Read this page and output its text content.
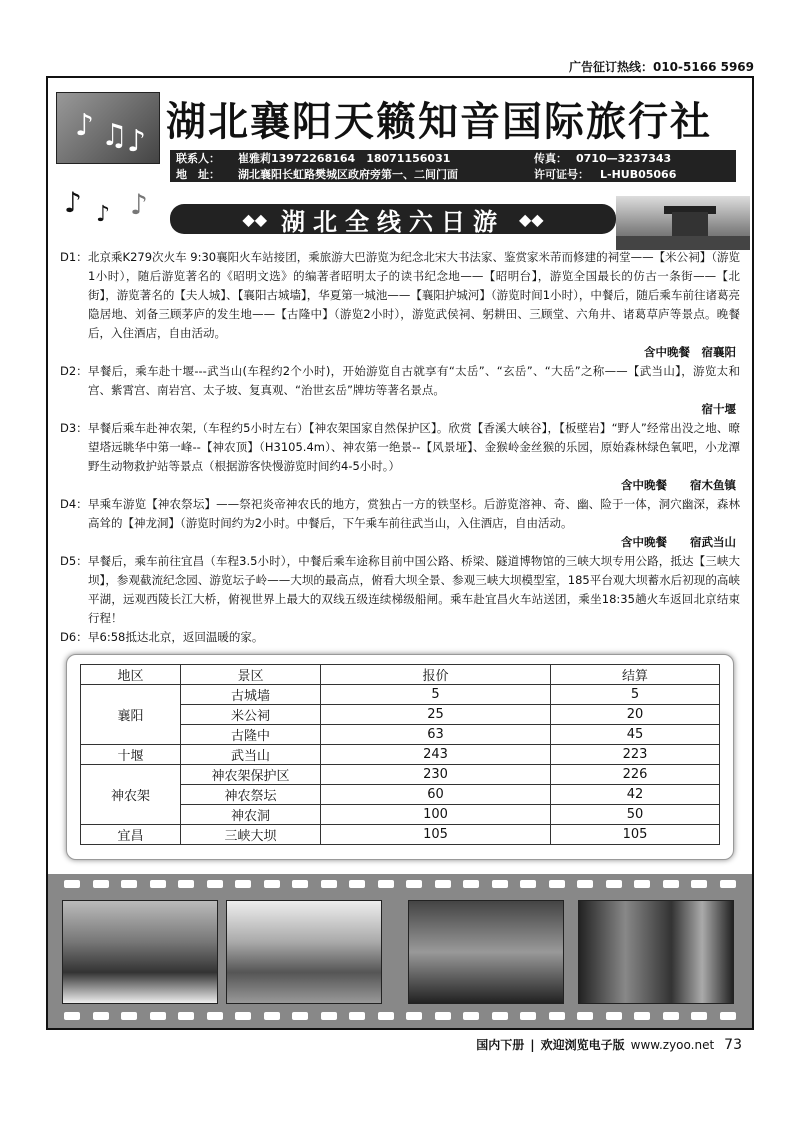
广告征订热线：010-5166 5969
♪ ♫ ♪ 湖北襄阳天籁知音国际旅行社
联系人：	崔雅莉13972268164　18071156031	传真： 0710—3237343
地　址：	湖北襄阳长虹路樊城区政府旁第一、二间门面	许可证号：	L-HUB05066
♪ ♪ ♪	◆◆ 湖北全线六日游 ◆◆
D1： 北京乘K279次火车 9:30襄阳火车站接团，乘旅游大巴游览为纪念北宋大书法家、鉴赏家米芾而修建的祠堂——【米公祠】（游览1小时），随后游览著名的《昭明文选》的编著者昭明太子的读书纪念地——【昭明台】，游览全国最长的仿古一条街——【北街】，游览著名的【夫人城】、【襄阳古城墙】，华夏第一城池——【襄阳护城河】（游览时间1小时），中餐后，随后乘车前往诸葛亮隐居地、刘备三顾茅庐的发生地——【古隆中】（游览2小时），游览武侯祠、躬耕田、三顾堂、六角井、诸葛草庐等景点。晚餐后，入住酒店，自由活动。
含中晚餐　宿襄阳
D2： 早餐后，乘车赴十堰---武当山(车程约2个小时)，开始游览自古就享有“太岳”、“玄岳”、“大岳”之称——【武当山】，游览太和宫、紫霄宫、南岩宫、太子坡、复真观、“治世玄岳”牌坊等著名景点。
宿十堰
D3： 早餐后乘车赴神农架,（车程约5小时左右）【神农架国家自然保护区】。欣赏【香溪大峡谷】，【板壁岩】“野人”经常出没之地、暸望塔远眺华中第一峰--【神农顶】（H3105.4m）、神农第一绝景--【风景垭】、金猴岭金丝猴的乐园，原始森林绿色氧吧，小龙潭野生动物救护站等景点（根据游客快慢游览时间约4-5小时。）
含中晚餐　　宿木鱼镇
D4： 早乘车游览【神农祭坛】——祭祀炎帝神农氏的地方，赏独占一方的铁坚杉。后游览溶神、奇、幽、险于一体，洞穴幽深，森林高耸的【神龙洞】（游览时间约为2小时。中餐后，下午乘车前往武当山，入住酒店，自由活动。
含中晚餐　　宿武当山
D5： 早餐后，乘车前往宜昌（车程3.5小时），中餐后乘车途称目前中国公路、桥梁、隧道博物馆的三峡大坝专用公路，抵达【三峡大坝】，参观截流纪念园、游览坛子岭——大坝的最高点，俯看大坝全景、参观三峡大坝模型室，185平台观大坝蓄水后初现的高峡平湖，远观西陵长江大桥，俯视世界上最大的双线五级连续梯级船闸。乘车赴宜昌火车站送团，乘坐18:35趟火车返回北京结束行程！
D6： 早6:58抵达北京，返回温暖的家。
地区	景区	报价	结算
襄阳	古城墙	5	5
	米公祠	25	20
	古隆中	63	45
十堰	武当山	243	223
神农架	神农架保护区	230	226
	神农祭坛	60	42
	神农洞	100	50
宜昌	三峡大坝	105	105
国内下册 | 欢迎浏览电子版 www.zyoo.net 73
